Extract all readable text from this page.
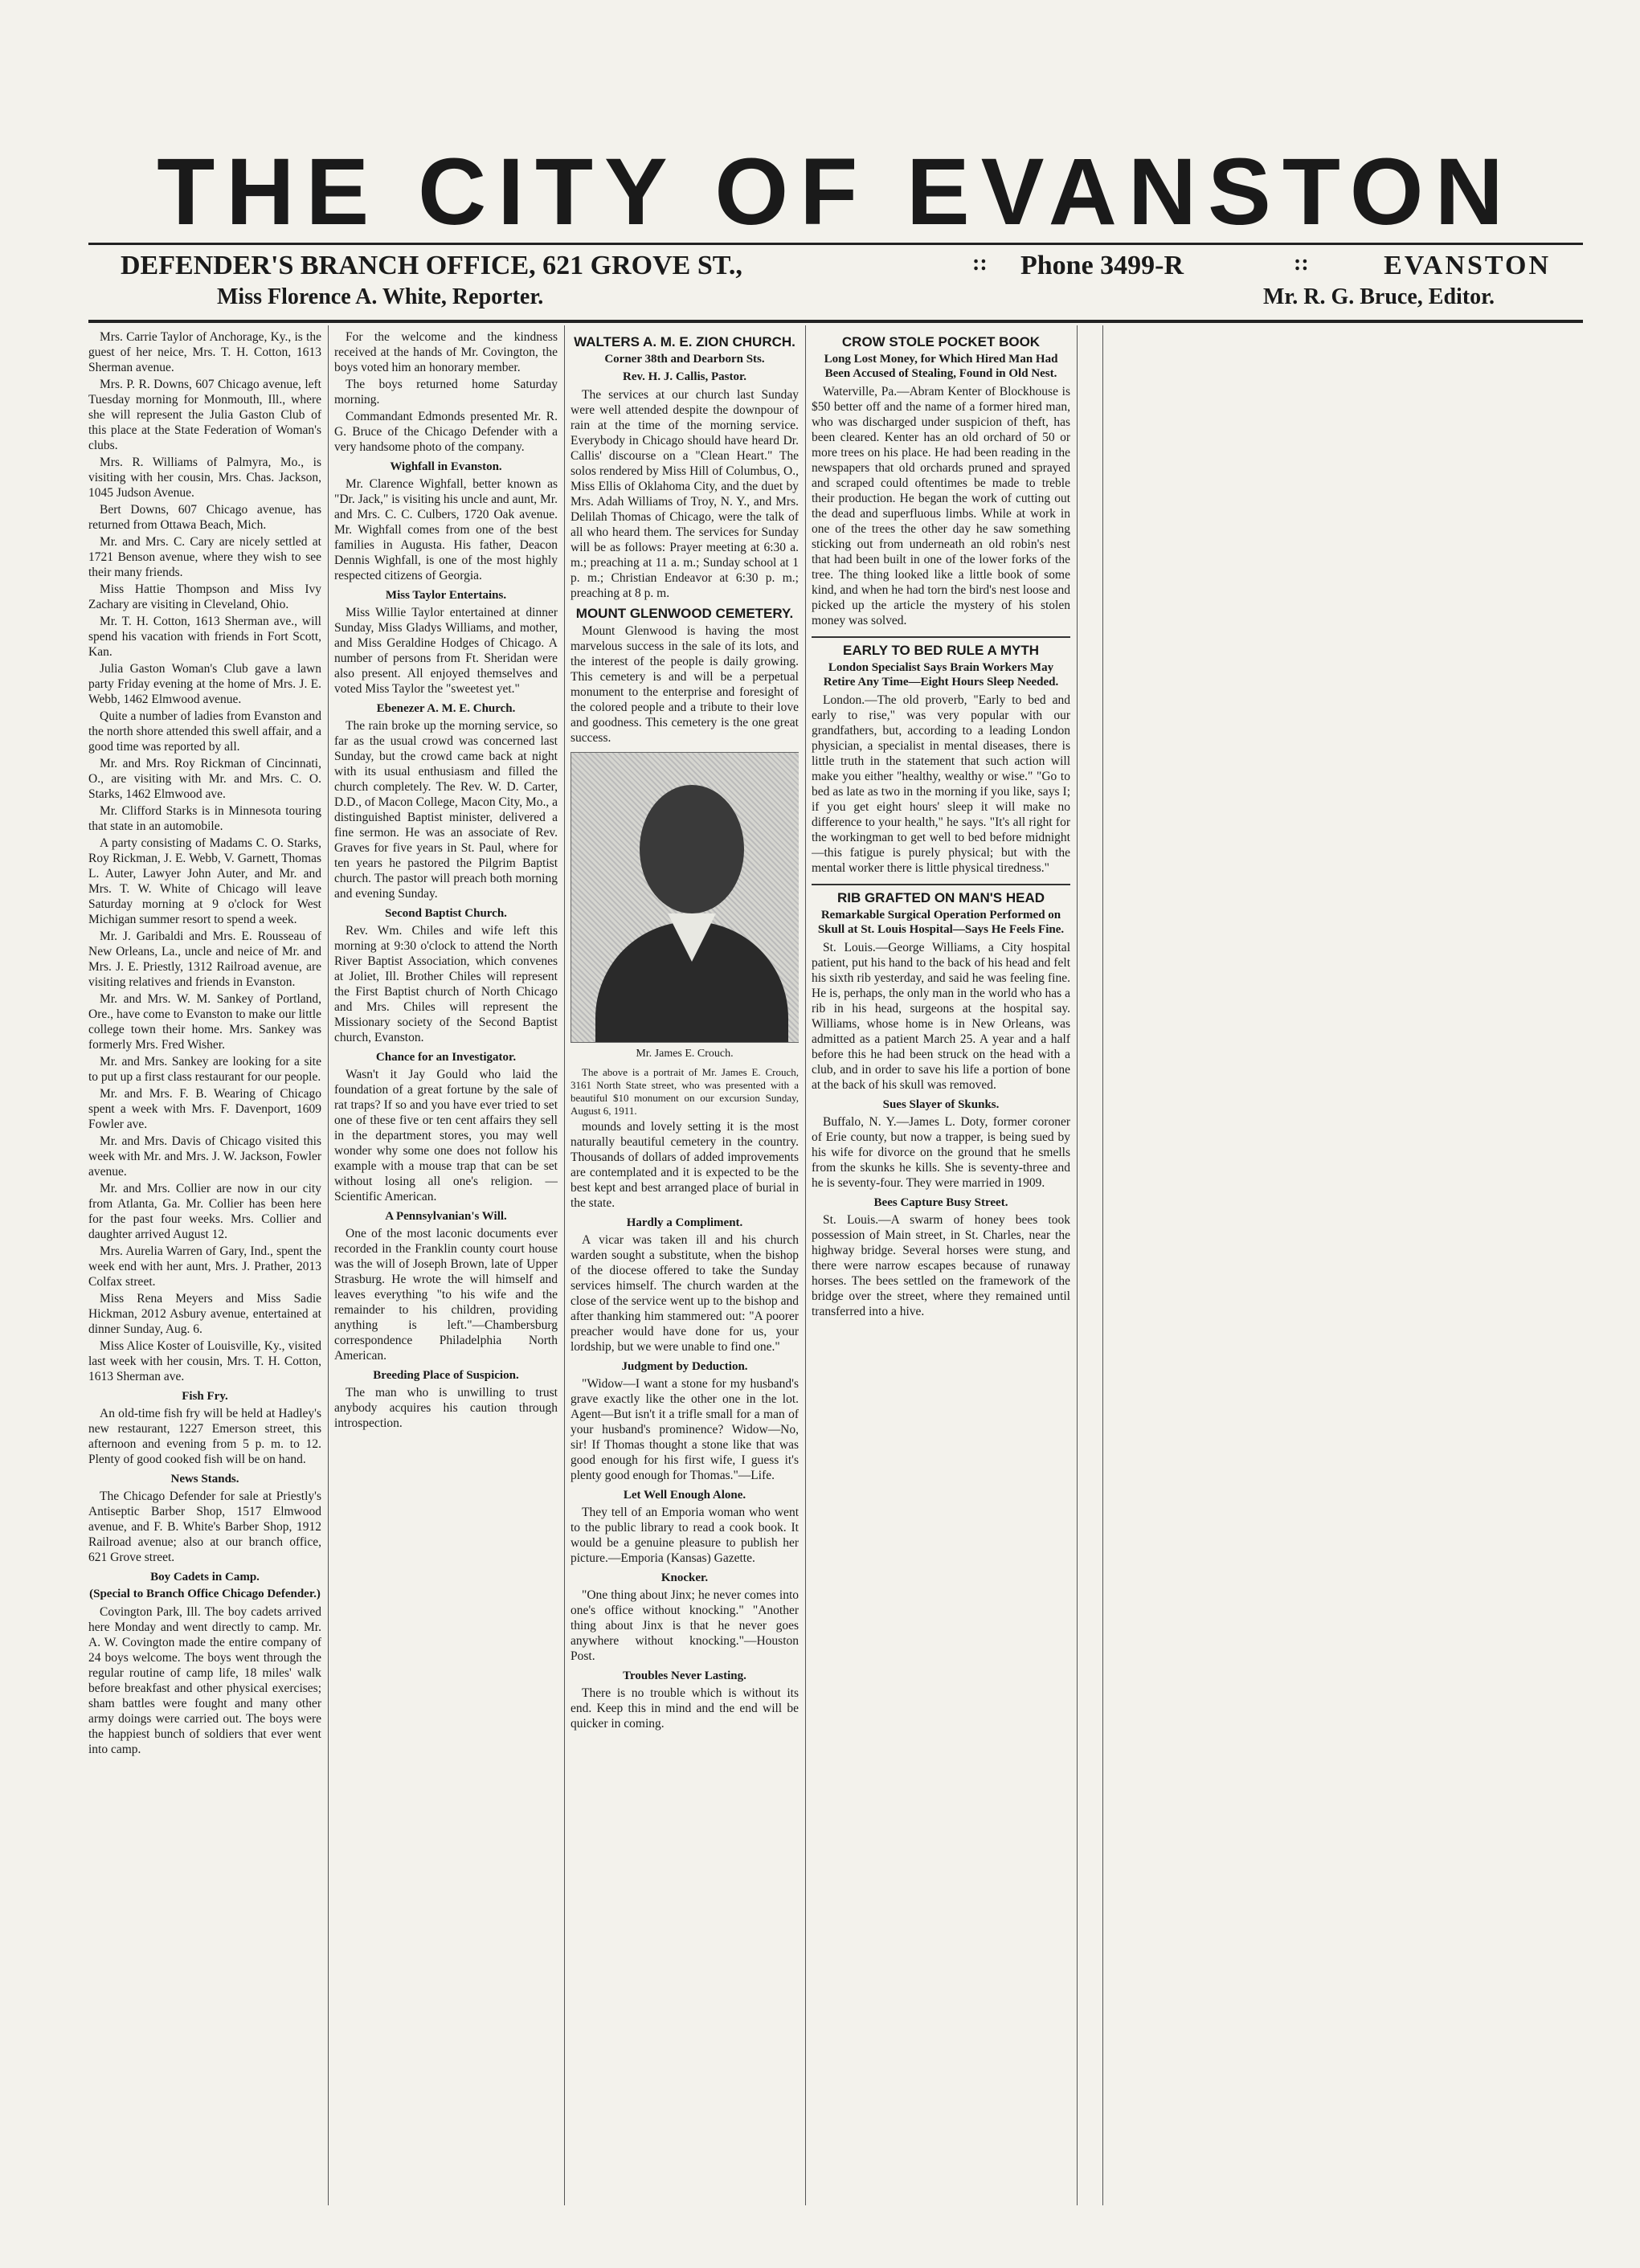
THE CITY OF EVANSTON
DEFENDER'S BRANCH OFFICE, 621 GROVE ST.,
Miss Florence A. White, Reporter.
:: Phone 3499-R	::	EVANSTON
Mr. R. G. Bruce, Editor.

Mrs. Carrie Taylor of Anchorage, Ky., is the guest of her neice, Mrs. T. H. Cotton, 1613 Sherman avenue.

Mrs. P. R. Downs, 607 Chicago avenue, left Tuesday morning for Monmouth, Ill., where she will represent the Julia Gaston Club of this place at the State Federation of Woman's clubs.

Mrs. R. Williams of Palmyra, Mo., is visiting with her cousin, Mrs. Chas. Jackson, 1045 Judson Avenue.

Bert Downs, 607 Chicago avenue, has returned from Ottawa Beach, Mich.

Mr. and Mrs. C. Cary are nicely settled at 1721 Benson avenue, where they wish to see their many friends.

Miss Hattie Thompson and Miss Ivy Zachary are visiting in Cleveland, Ohio.

Mr. T. H. Cotton, 1613 Sherman ave., will spend his vacation with friends in Fort Scott, Kan.

Julia Gaston Woman's Club gave a lawn party Friday evening at the home of Mrs. J. E. Webb, 1462 Elmwood avenue.

Quite a number of ladies from Evanston and the north shore attended this swell affair, and a good time was reported by all.

Mr. and Mrs. Roy Rickman of Cincinnati, O., are visiting with Mr. and Mrs. C. O. Starks, 1462 Elmwood ave.

Mr. Clifford Starks is in Minnesota touring that state in an automobile.

A party consisting of Madams C. O. Starks, Roy Rickman, J. E. Webb, V. Garnett, Thomas L. Auter, Lawyer John Auter, and Mr. and Mrs. T. W. White of Chicago will leave Saturday morning at 9 o'clock for West Michigan summer resort to spend a week.

Mr. J. Garibaldi and Mrs. E. Rousseau of New Orleans, La., uncle and neice of Mr. and Mrs. J. E. Priestly, 1312 Railroad avenue, are visiting relatives and friends in Evanston.

Mr. and Mrs. W. M. Sankey of Portland, Ore., have come to Evanston to make our little college town their home. Mrs. Sankey was formerly Mrs. Fred Wisher.

Mr. and Mrs. Sankey are looking for a site to put up a first class restaurant for our people.

Mr. and Mrs. F. B. Wearing of Chicago spent a week with Mrs. F. Davenport, 1609 Fowler ave.

Mr. and Mrs. Davis of Chicago visited this week with Mr. and Mrs. J. W. Jackson, Fowler avenue.

Mr. and Mrs. Collier are now in our city from Atlanta, Ga. Mr. Collier has been here for the past four weeks. Mrs. Collier and daughter arrived August 12.

Mrs. Aurelia Warren of Gary, Ind., spent the week end with her aunt, Mrs. J. Prather, 2013 Colfax street.

Miss Rena Meyers and Miss Sadie Hickman, 2012 Asbury avenue, entertained at dinner Sunday, Aug. 6.

Miss Alice Koster of Louisville, Ky., visited last week with her cousin, Mrs. T. H. Cotton, 1613 Sherman ave.

Fish Fry.

An old-time fish fry will be held at Hadley's new restaurant, 1227 Emerson street, this afternoon and evening from 5 p. m. to 12. Plenty of good cooked fish will be on hand.

News Stands.

The Chicago Defender for sale at Priestly's Antiseptic Barber Shop, 1517 Elmwood avenue, and F. B. White's Barber Shop, 1912 Railroad avenue; also at our branch office, 621 Grove street.

Boy Cadets in Camp.
(Special to Branch Office Chicago Defender.)

Covington Park, Ill. The boy cadets arrived here Monday and went directly to camp. Mr. A. W. Covington made the entire company of 24 boys welcome. The boys went through the regular routine of camp life, 18 miles' walk before breakfast and other physical exercises; sham battles were fought and many other army doings were carried out. The boys were the happiest bunch of soldiers that ever went into camp.

For the welcome and the kindness received at the hands of Mr. Covington, the boys voted him an honorary member.

The boys returned home Saturday morning.

Commandant Edmonds presented Mr. R. G. Bruce of the Chicago Defender with a very handsome photo of the company.

Wighfall in Evanston.

Mr. Clarence Wighfall, better known as "Dr. Jack," is visiting his uncle and aunt, Mr. and Mrs. C. C. Culbers, 1720 Oak avenue. Mr. Wighfall comes from one of the best families in Augusta. His father, Deacon Dennis Wighfall, is one of the most highly respected citizens of Georgia.

Miss Taylor Entertains.

Miss Willie Taylor entertained at dinner Sunday, Miss Gladys Williams, and mother, and Miss Geraldine Hodges of Chicago. A number of persons from Ft. Sheridan were also present. All enjoyed themselves and voted Miss Taylor the "sweetest yet."

Ebenezer A. M. E. Church.

The rain broke up the morning service, so far as the usual crowd was concerned last Sunday, but the crowd came back at night with its usual enthusiasm and filled the church completely. The Rev. W. D. Carter, D.D., of Macon College, Macon City, Mo., a distinguished Baptist minister, delivered a fine sermon. He was an associate of Rev. Graves for five years in St. Paul, where for ten years he pastored the Pilgrim Baptist church. The pastor will preach both morning and evening Sunday.

Second Baptist Church.

Rev. Wm. Chiles and wife left this morning at 9:30 o'clock to attend the North River Baptist Association, which convenes at Joliet, Ill. Brother Chiles will represent the First Baptist church of North Chicago and Mrs. Chiles will represent the Missionary society of the Second Baptist church, Evanston.

Chance for an Investigator.

Wasn't it Jay Gould who laid the foundation of a great fortune by the sale of rat traps? If so and you have ever tried to set one of these five or ten cent affairs they sell in the department stores, you may well wonder why some one does not follow his example with a mouse trap that can be set without losing all one's religion. —Scientific American.

A Pennsylvanian's Will.

One of the most laconic documents ever recorded in the Franklin county court house was the will of Joseph Brown, late of Upper Strasburg. He wrote the will himself and leaves everything "to his wife and the remainder to his children, providing anything is left."—Chambersburg correspondence Philadelphia North American.

Breeding Place of Suspicion.

The man who is unwilling to trust anybody acquires his caution through introspection.

WALTERS A. M. E. ZION CHURCH.
Corner 38th and Dearborn Sts.
Rev. H. J. Callis, Pastor.

The services at our church last Sunday were well attended despite the downpour of rain at the time of the morning service. Everybody in Chicago should have heard Dr. Callis' discourse on a "Clean Heart." The solos rendered by Miss Hill of Columbus, O., Miss Ellis of Oklahoma City, and the duet by Mrs. Adah Williams of Troy, N. Y., and Mrs. Delilah Thomas of Chicago, were the talk of all who heard them. The services for Sunday will be as follows: Prayer meeting at 6:30 a. m.; preaching at 11 a. m.; Sunday school at 1 p. m.; Christian Endeavor at 6:30 p. m.; preaching at 8 p. m.

MOUNT GLENWOOD CEMETERY.

Mount Glenwood is having the most marvelous success in the sale of its lots, and the interest of the people is daily growing. This cemetery is and will be a perpetual monument to the enterprise and foresight of the colored people and a tribute to their love and goodness. This cemetery is the one great success.

Mr. James E. Crouch.

The above is a portrait of Mr. James E. Crouch, 3161 North State street, who was presented with a beautiful $10 monument on our excursion Sunday, August 6, 1911.

mounds and lovely setting it is the most naturally beautiful cemetery in the country. Thousands of dollars of added improvements are contemplated and it is expected to be the best kept and best arranged place of burial in the state.

Hardly a Compliment.

A vicar was taken ill and his church warden sought a substitute, when the bishop of the diocese offered to take the Sunday services himself. The church warden at the close of the service went up to the bishop and after thanking him stammered out: "A poorer preacher would have done for us, your lordship, but we were unable to find one."

Judgment by Deduction.

"Widow—I want a stone for my husband's grave exactly like the other one in the lot. Agent—But isn't it a trifle small for a man of your husband's prominence? Widow—No, sir! If Thomas thought a stone like that was good enough for his first wife, I guess it's plenty good enough for Thomas."—Life.

Let Well Enough Alone.

They tell of an Emporia woman who went to the public library to read a cook book. It would be a genuine pleasure to publish her picture.—Emporia (Kansas) Gazette.

Knocker.

"One thing about Jinx; he never comes into one's office without knocking." "Another thing about Jinx is that he never goes anywhere without knocking."—Houston Post.

Troubles Never Lasting.

There is no trouble which is without its end. Keep this in mind and the end will be quicker in coming.

CROW STOLE POCKET BOOK
Long Lost Money, for Which Hired Man Had Been Accused of Stealing, Found in Old Nest.

Waterville, Pa.—Abram Kenter of Blockhouse is $50 better off and the name of a former hired man, who was discharged under suspicion of theft, has been cleared. Kenter has an old orchard of 50 or more trees on his place. He had been reading in the newspapers that old orchards pruned and sprayed and scraped could oftentimes be made to treble their production. He began the work of cutting out the dead and superfluous limbs. While at work in one of the trees the other day he saw something sticking out from underneath an old robin's nest that had been built in one of the lower forks of the tree. The thing looked like a little book of some kind, and when he had torn the bird's nest loose and picked up the article the mystery of his stolen money was solved.

EARLY TO BED RULE A MYTH
London Specialist Says Brain Workers May Retire Any Time—Eight Hours Sleep Needed.

London.—The old proverb, "Early to bed and early to rise," was very popular with our grandfathers, but, according to a leading London physician, a specialist in mental diseases, there is little truth in the statement that such action will make you either "healthy, wealthy or wise." "Go to bed as late as two in the morning if you like, says I; if you get eight hours' sleep it will make no difference to your health," he says. "It's all right for the workingman to get well to bed before midnight—this fatigue is purely physical; but with the mental worker there is little physical tiredness."

RIB GRAFTED ON MAN'S HEAD
Remarkable Surgical Operation Performed on Skull at St. Louis Hospital—Says He Feels Fine.

St. Louis.—George Williams, a City hospital patient, put his hand to the back of his head and felt his sixth rib yesterday, and said he was feeling fine. He is, perhaps, the only man in the world who has a rib in his head, surgeons at the hospital say. Williams, whose home is in New Orleans, was admitted as a patient March 25. A year and a half before this he had been struck on the head with a club, and in order to save his life a portion of bone at the back of his skull was removed.

Sues Slayer of Skunks.

Buffalo, N. Y.—James L. Doty, former coroner of Erie county, but now a trapper, is being sued by his wife for divorce on the ground that he smells from the skunks he kills. She is seventy-three and he is seventy-four. They were married in 1909.

Bees Capture Busy Street.

St. Louis.—A swarm of honey bees took possession of Main street, in St. Charles, near the highway bridge. Several horses were stung, and there were narrow escapes because of runaway horses. The bees settled on the framework of the bridge over the street, where they remained until transferred into a hive.
